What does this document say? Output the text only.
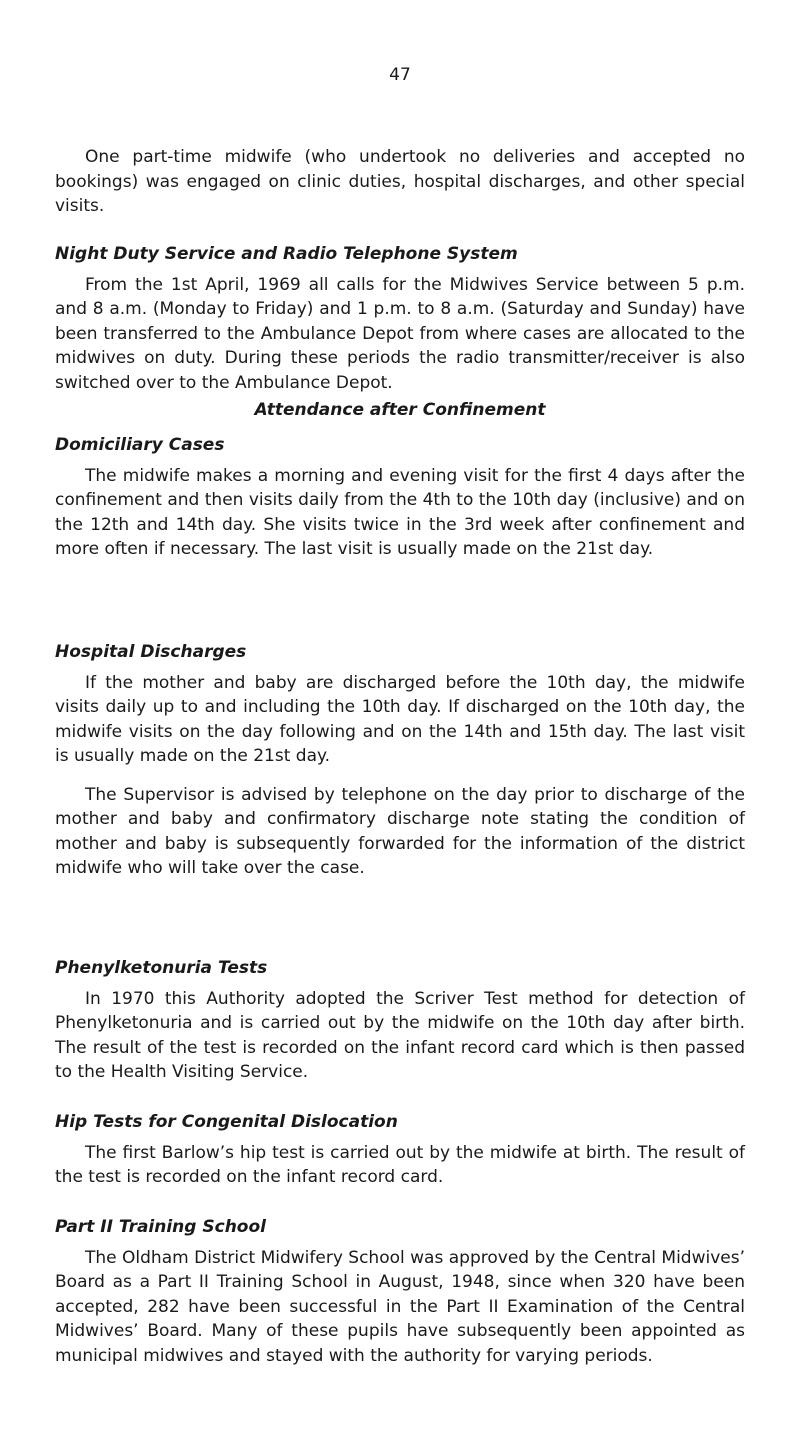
47

One part-time midwife (who undertook no deliveries and accepted no bookings) was engaged on clinic duties, hospital discharges, and other special visits.

Night Duty Service and Radio Telephone System

From the 1st April, 1969 all calls for the Midwives Service between 5 p.m. and 8 a.m. (Monday to Friday) and 1 p.m. to 8 a.m. (Saturday and Sunday) have been transferred to the Ambulance Depot from where cases are allocated to the midwives on duty. During these periods the radio transmitter/receiver is also switched over to the Ambulance Depot.

Attendance after Confinement
Domiciliary Cases

The midwife makes a morning and evening visit for the first 4 days after the confinement and then visits daily from the 4th to the 10th day (inclusive) and on the 12th and 14th day. She visits twice in the 3rd week after confinement and more often if necessary. The last visit is usually made on the 21st day.

Hospital Discharges

If the mother and baby are discharged before the 10th day, the midwife visits daily up to and including the 10th day. If discharged on the 10th day, the midwife visits on the day following and on the 14th and 15th day. The last visit is usually made on the 21st day.

The Supervisor is advised by telephone on the day prior to discharge of the mother and baby and confirmatory discharge note stating the condition of mother and baby is subsequently forwarded for the information of the district midwife who will take over the case.

Phenylketonuria Tests

In 1970 this Authority adopted the Scriver Test method for detection of Phenylketonuria and is carried out by the midwife on the 10th day after birth. The result of the test is recorded on the infant record card which is then passed to the Health Visiting Service.

Hip Tests for Congenital Dislocation

The first Barlow’s hip test is carried out by the midwife at birth. The result of the test is recorded on the infant record card.

Part II Training School

The Oldham District Midwifery School was approved by the Central Midwives’ Board as a Part II Training School in August, 1948, since when 320 have been accepted, 282 have been successful in the Part II Examination of the Central Midwives’ Board. Many of these pupils have subsequently been appointed as municipal midwives and stayed with the authority for varying periods.
